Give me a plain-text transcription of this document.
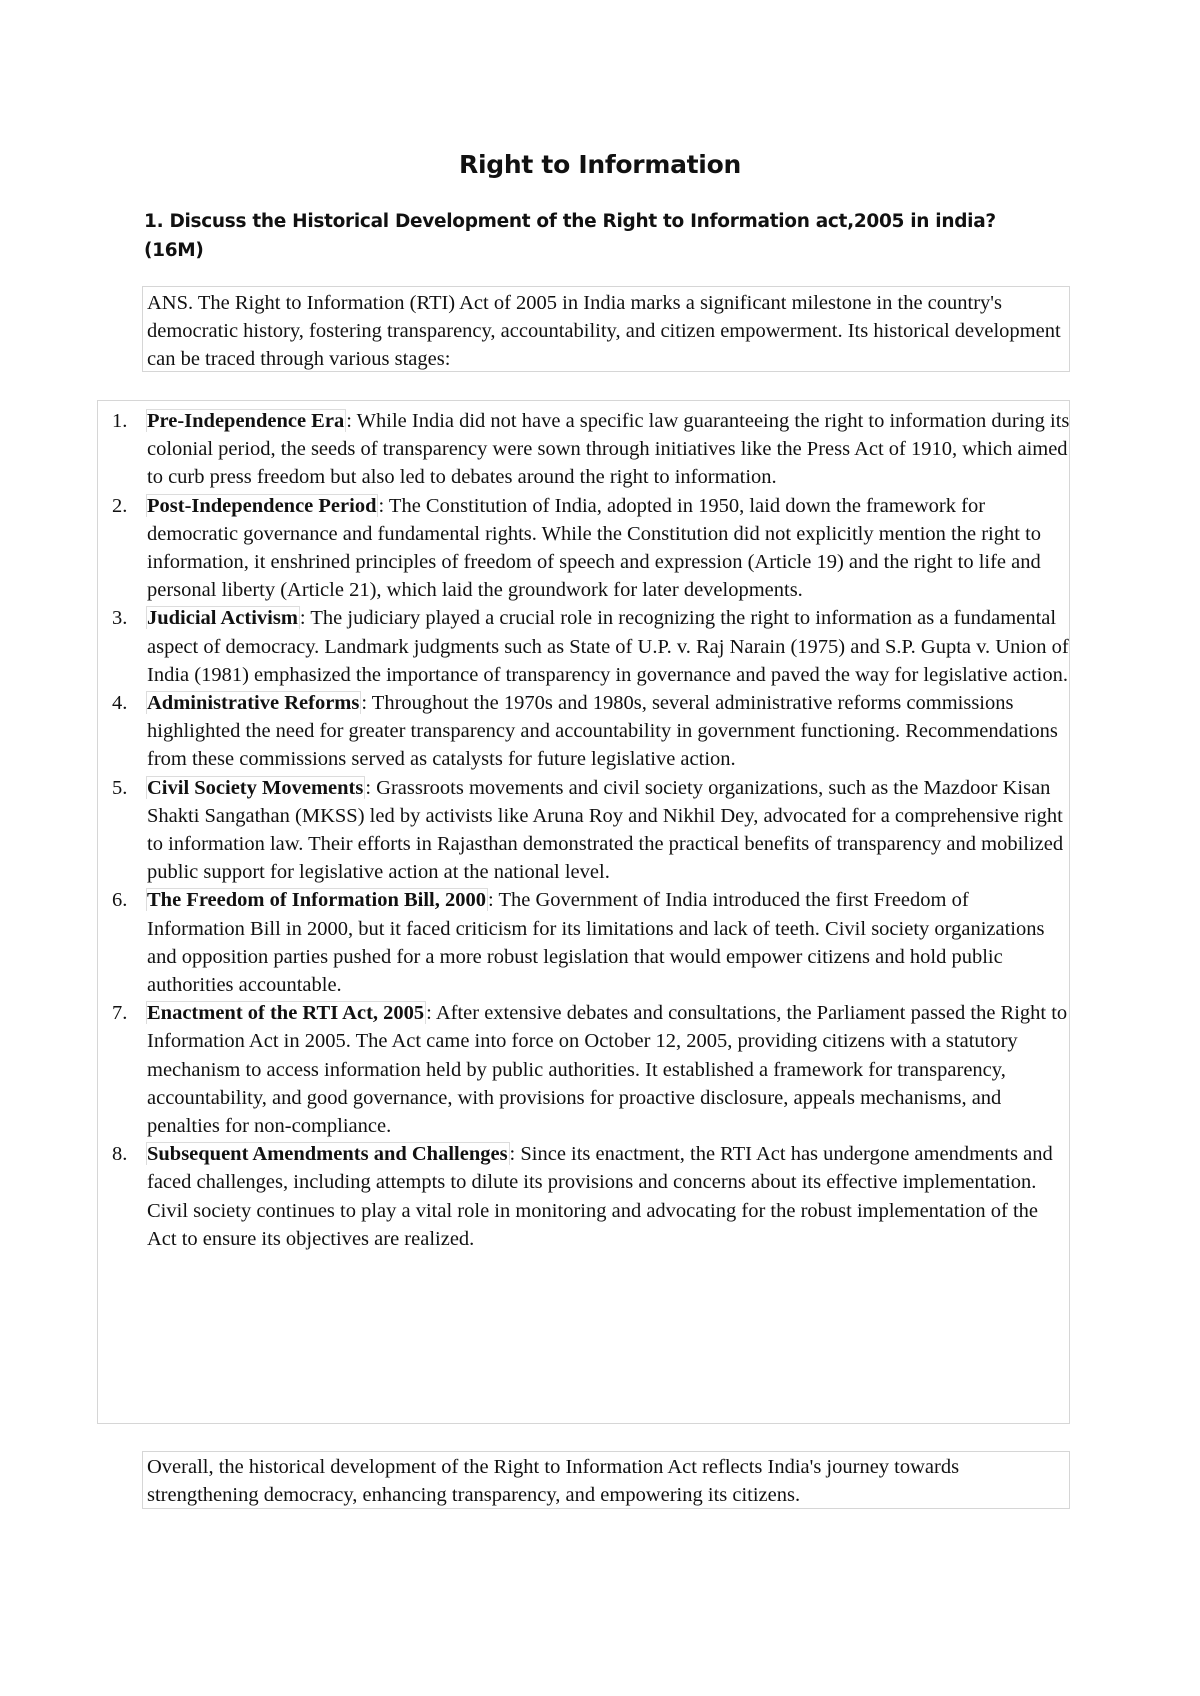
Right to Information
1. Discuss the Historical Development of the Right to Information act,2005 in india? (16M)
ANS. The Right to Information (RTI) Act of 2005 in India marks a significant milestone in the country's democratic history, fostering transparency, accountability, and citizen empowerment. Its historical development can be traced through various stages:
1. Pre-Independence Era: While India did not have a specific law guaranteeing the right to information during its colonial period, the seeds of transparency were sown through initiatives like the Press Act of 1910, which aimed to curb press freedom but also led to debates around the right to information.
2. Post-Independence Period: The Constitution of India, adopted in 1950, laid down the framework for democratic governance and fundamental rights. While the Constitution did not explicitly mention the right to information, it enshrined principles of freedom of speech and expression (Article 19) and the right to life and personal liberty (Article 21), which laid the groundwork for later developments.
3. Judicial Activism: The judiciary played a crucial role in recognizing the right to information as a fundamental aspect of democracy. Landmark judgments such as State of U.P. v. Raj Narain (1975) and S.P. Gupta v. Union of India (1981) emphasized the importance of transparency in governance and paved the way for legislative action.
4. Administrative Reforms: Throughout the 1970s and 1980s, several administrative reforms commissions highlighted the need for greater transparency and accountability in government functioning. Recommendations from these commissions served as catalysts for future legislative action.
5. Civil Society Movements: Grassroots movements and civil society organizations, such as the Mazdoor Kisan Shakti Sangathan (MKSS) led by activists like Aruna Roy and Nikhil Dey, advocated for a comprehensive right to information law. Their efforts in Rajasthan demonstrated the practical benefits of transparency and mobilized public support for legislative action at the national level.
6. The Freedom of Information Bill, 2000: The Government of India introduced the first Freedom of Information Bill in 2000, but it faced criticism for its limitations and lack of teeth. Civil society organizations and opposition parties pushed for a more robust legislation that would empower citizens and hold public authorities accountable.
7. Enactment of the RTI Act, 2005: After extensive debates and consultations, the Parliament passed the Right to Information Act in 2005. The Act came into force on October 12, 2005, providing citizens with a statutory mechanism to access information held by public authorities. It established a framework for transparency, accountability, and good governance, with provisions for proactive disclosure, appeals mechanisms, and penalties for non-compliance.
8. Subsequent Amendments and Challenges: Since its enactment, the RTI Act has undergone amendments and faced challenges, including attempts to dilute its provisions and concerns about its effective implementation. Civil society continues to play a vital role in monitoring and advocating for the robust implementation of the Act to ensure its objectives are realized.
Overall, the historical development of the Right to Information Act reflects India's journey towards strengthening democracy, enhancing transparency, and empowering its citizens.
